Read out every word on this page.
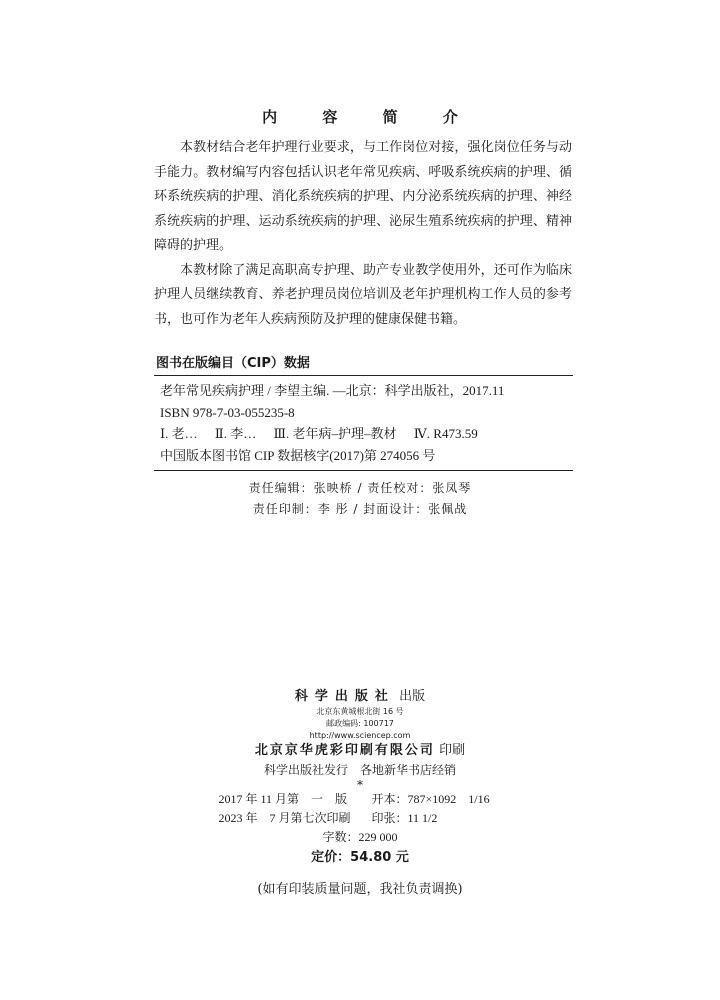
内 容 简 介

本教材结合老年护理行业要求，与工作岗位对接，强化岗位任务与动手能力。教材编写内容包括认识老年常见疾病、呼吸系统疾病的护理、循环系统疾病的护理、消化系统疾病的护理、内分泌系统疾病的护理、神经系统疾病的护理、运动系统疾病的护理、泌尿生殖系统疾病的护理、精神障碍的护理。

本教材除了满足高职高专护理、助产专业教学使用外，还可作为临床护理人员继续教育、养老护理员岗位培训及老年护理机构工作人员的参考书，也可作为老年人疾病预防及护理的健康保健书籍。

图书在版编目（CIP）数据
老年常见疾病护理 / 李望主编. —北京：科学出版社，2017.11
ISBN 978-7-03-055235-8
Ⅰ. 老… Ⅱ. 李… Ⅲ. 老年病–护理–教材 Ⅳ. R473.59
中国版本图书馆 CIP 数据核字(2017)第 274056 号
责任编辑：张映桥 / 责任校对：张凤琴
责任印制：李 彤 / 封面设计：张佩战
科学出版社 出版
北京东黄城根北街 16 号
邮政编码: 100717
http://www.sciencep.com
北京京华虎彩印刷有限公司 印刷
科学出版社发行　各地新华书店经销
*
2017 年 11 月第　一　版 开本：787×1092　1/16
2023 年　7 月第七次印刷 印张：11 1/2
字数：229 000
定价：54.80 元
(如有印装质量问题，我社负责调换)
